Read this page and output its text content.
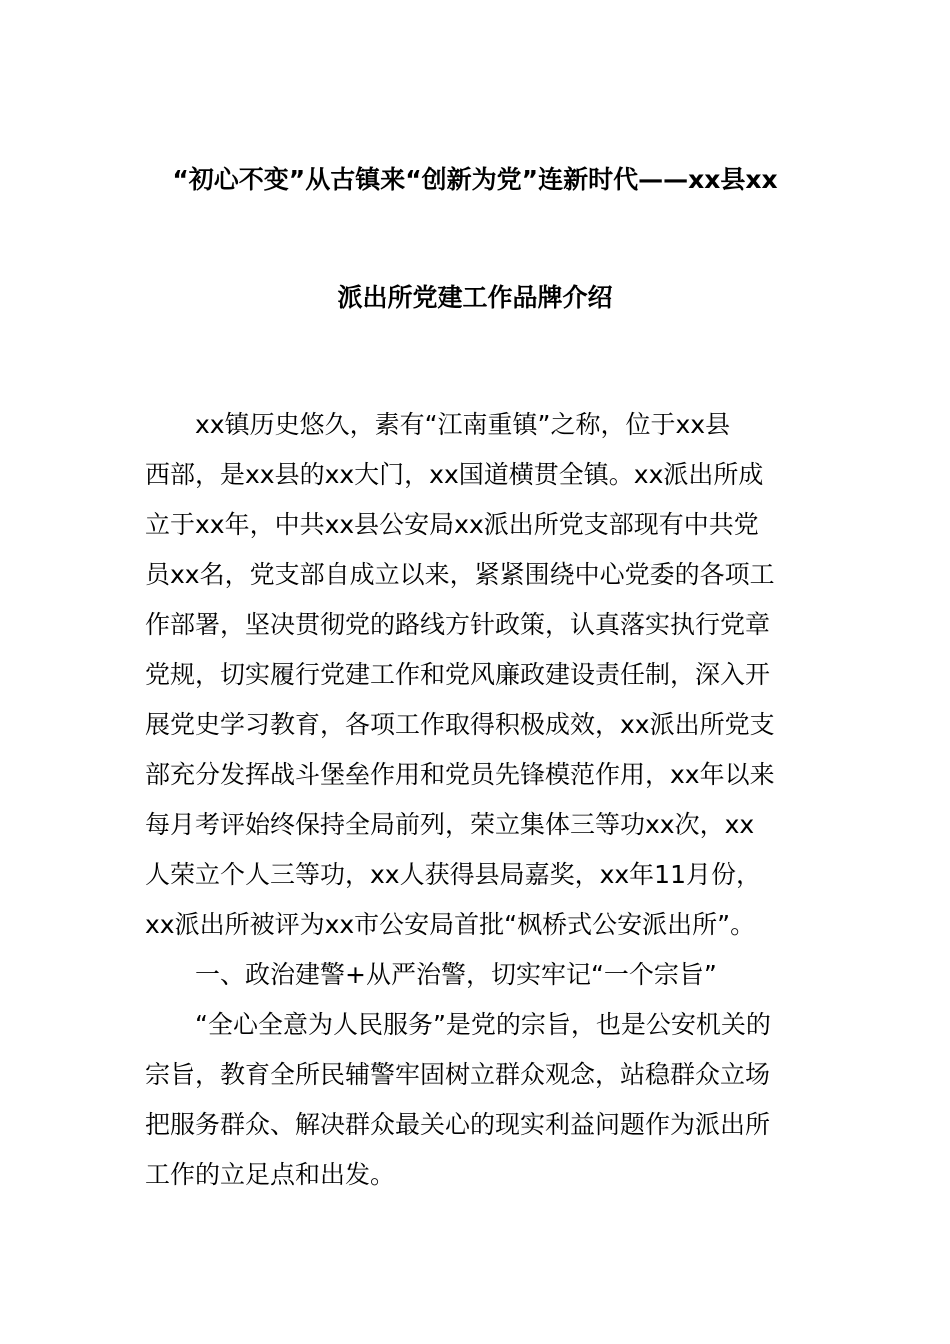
“初心不变”从古镇来“创新为党”连新时代——xx县xx
派出所党建工作品牌介绍
xx镇历史悠久，素有“江南重镇”之称，位于xx县
西部，是xx县的xx大门，xx国道横贯全镇。xx派出所成
立于xx年，中共xx县公安局xx派出所党支部现有中共党
员xx名，党支部自成立以来，紧紧围绕中心党委的各项工
作部署，坚决贯彻党的路线方针政策，认真落实执行党章
党规，切实履行党建工作和党风廉政建设责任制，深入开
展党史学习教育，各项工作取得积极成效，xx派出所党支
部充分发挥战斗堡垒作用和党员先锋模范作用，xx年以来
每月考评始终保持全局前列，荣立集体三等功xx次，xx
人荣立个人三等功，xx人获得县局嘉奖，xx年11月份，
xx派出所被评为xx市公安局首批“枫桥式公安派出所”。
一、政治建警+从严治警，切实牢记“一个宗旨”
“全心全意为人民服务”是党的宗旨，也是公安机关的
宗旨，教育全所民辅警牢固树立群众观念，站稳群众立场
把服务群众、解决群众最关心的现实利益问题作为派出所
工作的立足点和出发。
